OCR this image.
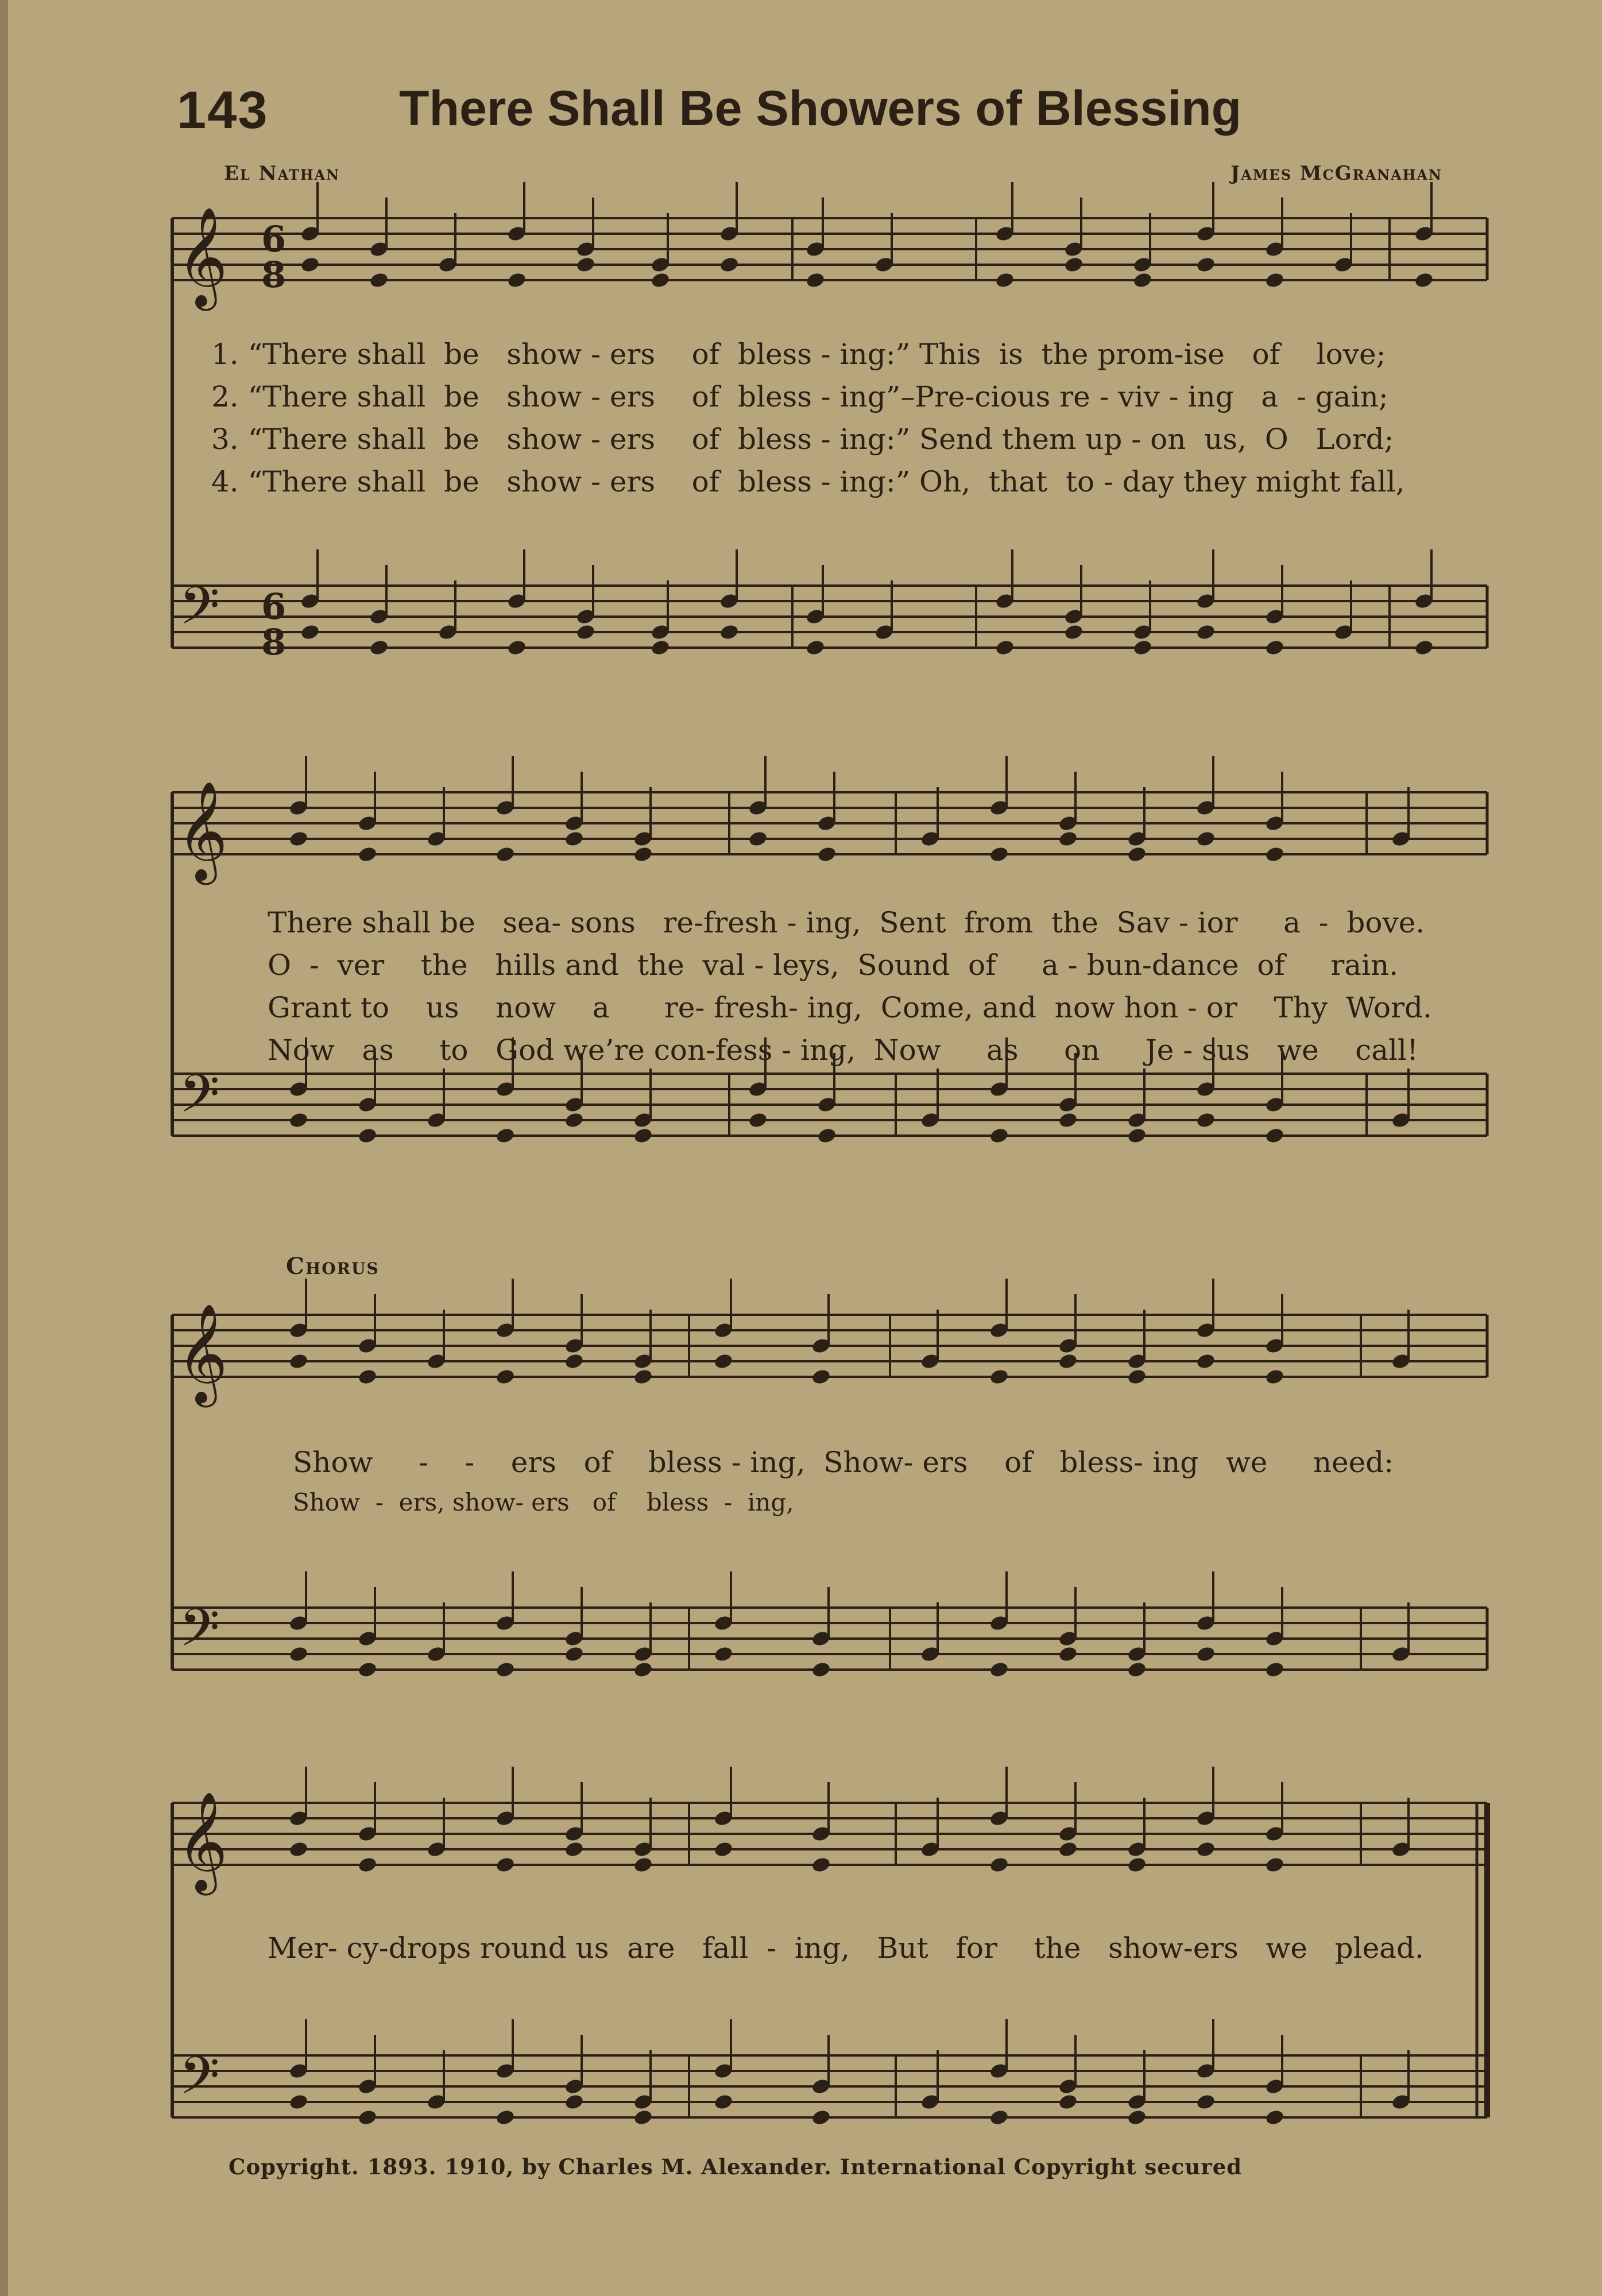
143	There Shall Be Showers of Blessing
El Nathan	James McGranahan
𝄞
𝄢
𝄞
𝄢
𝄞
𝄢
𝄞
𝄢
6
8
6
8
1. “There shall  be   show - ers    of  bless - ing:” This  is  the prom-ise   of    love;
2. “There shall  be   show - ers    of  bless - ing”–Pre-cious re - viv - ing   a  - gain;
3. “There shall  be   show - ers    of  bless - ing:” Send them up - on  us,  O   Lord;
4. “There shall  be   show - ers    of  bless - ing:” Oh,  that  to - day they might fall,
There shall be   sea- sons   re-fresh - ing,  Sent  from  the  Sav - ior     a  -  bove.
O  -  ver    the   hills and  the  val - leys,  Sound  of     a - bun-dance  of     rain.
Grant to    us    now    a      re- fresh- ing,  Come, and  now hon - or    Thy  Word.
Now   as     to   God we’re con-fess - ing,  Now     as     on     Je - sus   we    call!
Chorus
Show     -    -    ers   of    bless - ing,  Show- ers    of   bless- ing   we     need:
Show  -  ers, show- ers   of    bless  -  ing,
Mer- cy-drops round us  are   fall  -  ing,   But   for    the   show-ers   we   plead.
Copyright. 1893. 1910, by Charles M. Alexander. International Copyright secured
